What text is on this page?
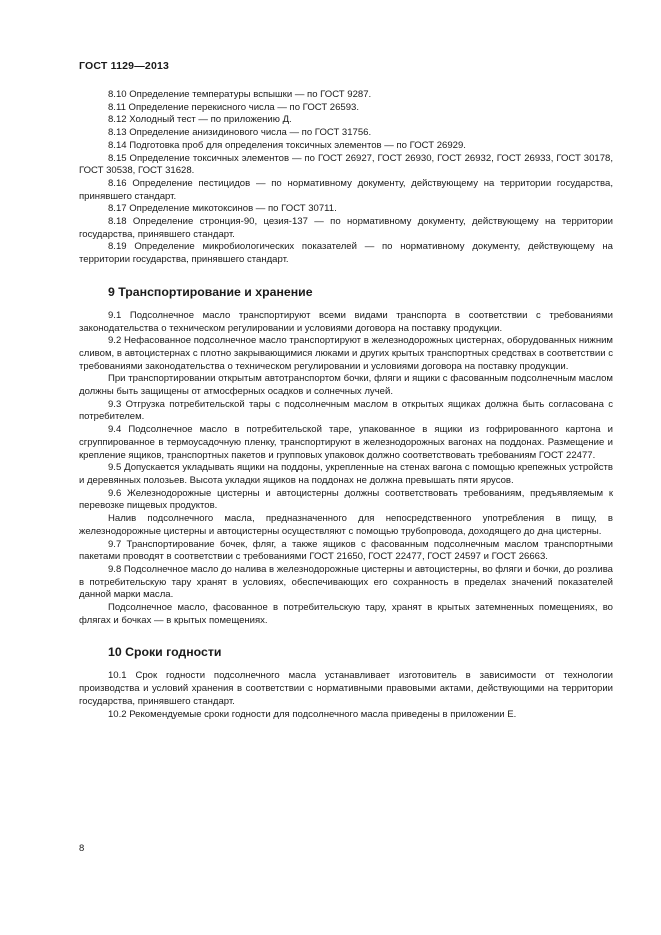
ГОСТ 1129—2013

8.10 Определение температуры вспышки — по ГОСТ 9287.

8.11 Определение перекисного числа — по ГОСТ 26593.

8.12 Холодный тест — по приложению Д.

8.13 Определение анизидинового числа — по ГОСТ 31756.

8.14 Подготовка проб для определения токсичных элементов — по ГОСТ 26929.

8.15 Определение токсичных элементов — по ГОСТ 26927, ГОСТ 26930, ГОСТ 26932, ГОСТ 26933, ГОСТ 30178, ГОСТ 30538, ГОСТ 31628.

8.16 Определение пестицидов — по нормативному документу, действующему на территории государства, принявшего стандарт.

8.17 Определение микотоксинов — по ГОСТ 30711.

8.18 Определение стронция-90, цезия-137 — по нормативному документу, действующему на территории государства, принявшего стандарт.

8.19 Определение микробиологических показателей — по нормативному документу, действующему на территории государства, принявшего стандарт.

9 Транспортирование и хранение

9.1 Подсолнечное масло транспортируют всеми видами транспорта в соответствии с требованиями законодательства о техническом регулировании и условиями договора на поставку продукции.

9.2 Нефасованное подсолнечное масло транспортируют в железнодорожных цистернах, оборудованных нижним сливом, в автоцистернах с плотно закрывающимися люками и других крытых транспортных средствах в соответствии с требованиями законодательства о техническом регулировании и условиями договора на поставку продукции.

При транспортировании открытым автотранспортом бочки, фляги и ящики с фасованным подсолнечным маслом должны быть защищены от атмосферных осадков и солнечных лучей.

9.3 Отгрузка потребительской тары с подсолнечным маслом в открытых ящиках должна быть согласована с потребителем.

9.4 Подсолнечное масло в потребительской таре, упакованное в ящики из гофрированного картона и сгруппированное в термоусадочную пленку, транспортируют в железнодорожных вагонах на поддонах. Размещение и крепление ящиков, транспортных пакетов и групповых упаковок должно соответствовать требованиям ГОСТ 22477.

9.5 Допускается укладывать ящики на поддоны, укрепленные на стенах вагона с помощью крепежных устройств и деревянных полозьев. Высота укладки ящиков на поддонах не должна превышать пяти ярусов.

9.6 Железнодорожные цистерны и автоцистерны должны соответствовать требованиям, предъявляемым к перевозке пищевых продуктов.

Налив подсолнечного масла, предназначенного для непосредственного употребления в пищу, в железнодорожные цистерны и автоцистерны осуществляют с помощью трубопровода, доходящего до дна цистерны.

9.7 Транспортирование бочек, фляг, а также ящиков с фасованным подсолнечным маслом транспортными пакетами проводят в соответствии с требованиями ГОСТ 21650, ГОСТ 22477, ГОСТ 24597 и ГОСТ 26663.

9.8 Подсолнечное масло до налива в железнодорожные цистерны и автоцистерны, во фляги и бочки, до розлива в потребительскую тару хранят в условиях, обеспечивающих его сохранность в пределах значений показателей данной марки масла.

Подсолнечное масло, фасованное в потребительскую тару, хранят в крытых затемненных помещениях, во флягах и бочках — в крытых помещениях.

10 Сроки годности

10.1 Срок годности подсолнечного масла устанавливает изготовитель в зависимости от технологии производства и условий хранения в соответствии с нормативными правовыми актами, действующими на территории государства, принявшего стандарт.

10.2 Рекомендуемые сроки годности для подсолнечного масла приведены в приложении Е.

8
